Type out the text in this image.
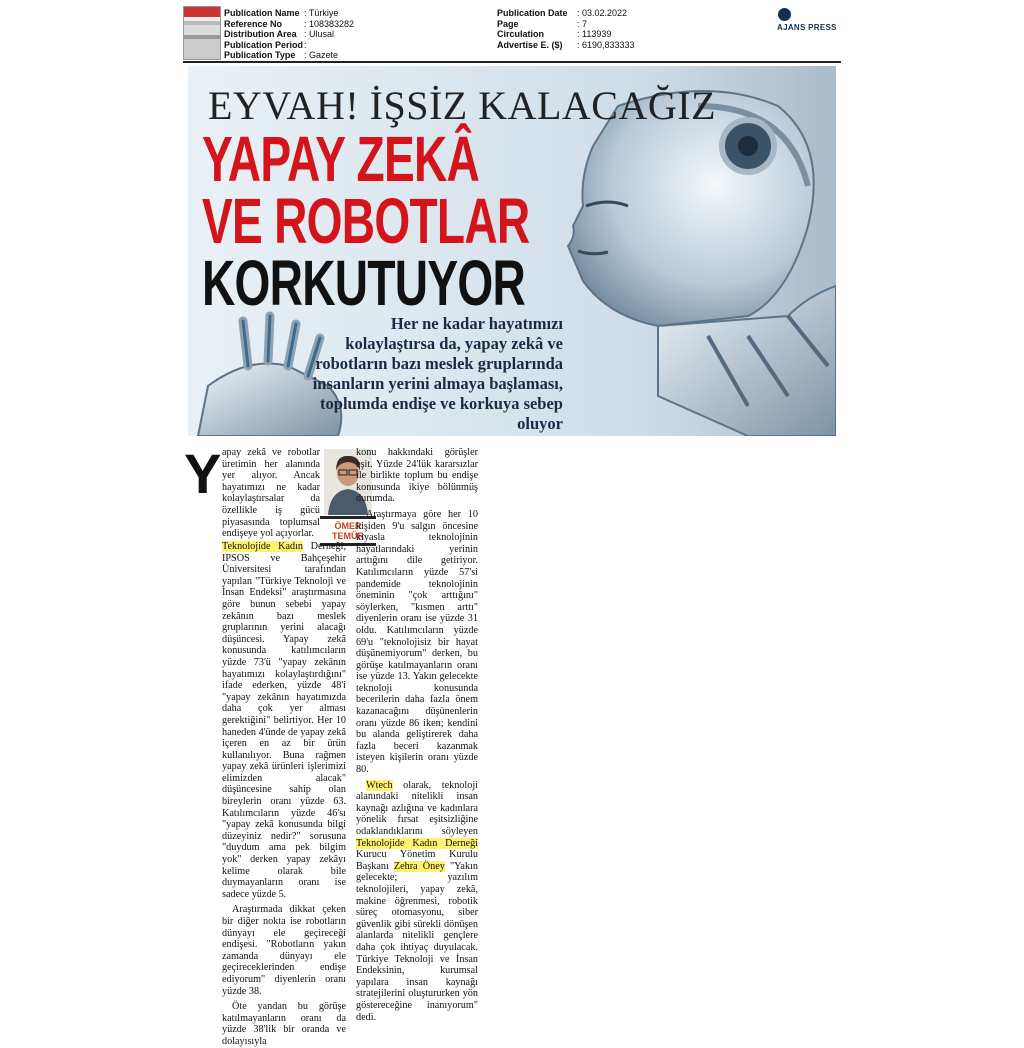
Publication Name : Türkiye
Reference No	: 108383282
Distribution Area : Ulusal
Publication Period :
Publication Type : Gazete
Publication Date	: 03.02.2022
Page	: 7
Circulation	: 113939
Advertise E. ($)	: 6190,833333
AJANS PRESS
EYVAH! İŞSİZ KALACAĞIZ
YAPAY ZEKÂ
VE ROBOTLAR
KORKUTUYOR
Her ne kadar hayatımızı kolaylaştırsa da, yapay zekâ ve robotların bazı meslek gruplarında insanların yerini almaya başlaması, toplumda endişe ve korkuya sebep oluyor
Y apay zekâ ve robotlar üretimin her alanında yer alıyor. Ancak hayatımızı ne kadar kolaylaştırsalar da özellikle iş gücü piyasasında toplumsal endişeye yol açıyorlar.

ÖMER
TEMÜR

Teknolojide Kadın Derneği, IPSOS ve Bahçeşehir Üniversitesi tarafından yapılan "Türkiye Teknoloji ve İnsan Endeksi" araştırmasına göre bunun sebebi yapay zekânın bazı meslek gruplarının yerini alacağı düşüncesi. Yapay zekâ konusunda katılımcıların yüzde 73'ü "yapay zekânın hayatımızı kolaylaştırdığını" ifade ederken, yüzde 48'i "yapay zekânın hayatımızda daha çok yer alması gerektiğini" belirtiyor. Her 10 haneden 4'ünde de yapay zekâ içeren en az bir ürün kullanılıyor. Buna rağmen yapay zekâ ürünleri işlerimizi elimizden alacak" düşüncesine sahip olan bireylerin oranı yüzde 63. Katılımcıların yüzde 46'sı "yapay zekâ konusunda bilgi düzeyiniz nedir?" sorusuna "duydum ama pek bilgim yok" derken yapay zekâyı kelime olarak bile duymayanların oranı ise sadece yüzde 5.

Araştırmada dikkat çeken bir diğer nokta ise robotların dünyayı ele geçireceği endişesi. "Robotların yakın zamanda dünyayı ele geçireceklerinden endişe ediyorum" diyenlerin oranı yüzde 38.

Öte yandan bu görüşe katılmayanların oranı da yüzde 38'lik bir oranda ve dolayısıyla

konu hakkındaki görüşler eşit. Yüzde 24'lük kararsızlar ile birlikte toplum bu endişe konusunda ikiye bölünmüş durumda.

Araştırmaya göre her 10 kişiden 9'u salgın öncesine kıyasla teknolojinin hayatlarındaki yerinin arttığını dile getiriyor. Katılımcıların yüzde 57'si pandemide teknolojinin öneminin "çok arttığını" söylerken, "kısmen arttı" diyenlerin oranı ise yüzde 31 oldu. Katılımcıların yüzde 69'u "teknolojisiz bir hayat düşünemiyorum" derken, bu görüşe katılmayanların oranı ise yüzde 13. Yakın gelecekte teknoloji konusunda becerilerin daha fazla önem kazanacağını düşünenlerin oranı yüzde 86 iken; kendini bu alanda geliştirerek daha fazla beceri kazanmak isteyen kişilerin oranı yüzde 80.

Wtech olarak, teknoloji alanındaki nitelikli insan kaynağı azlığına ve kadınlara yönelik fırsat eşitsizliğine odaklandıklarını söyleyen Teknolojide Kadın Derneği Kurucu Yönetim Kurulu Başkanı Zehra Öney "Yakın gelecekte; yazılım teknolojileri, yapay zekâ, makine öğrenmesi, robotik süreç otomasyonu, siber güvenlik gibi sürekli dönüşen alanlarda nitelikli gençlere daha çok ihtiyaç duyulacak. Türkiye Teknoloji ve İnsan Endeksinin, kurumsal yapılara insan kaynağı stratejilerini oluştururken yön göstereceğine inanıyorum" dedi.
